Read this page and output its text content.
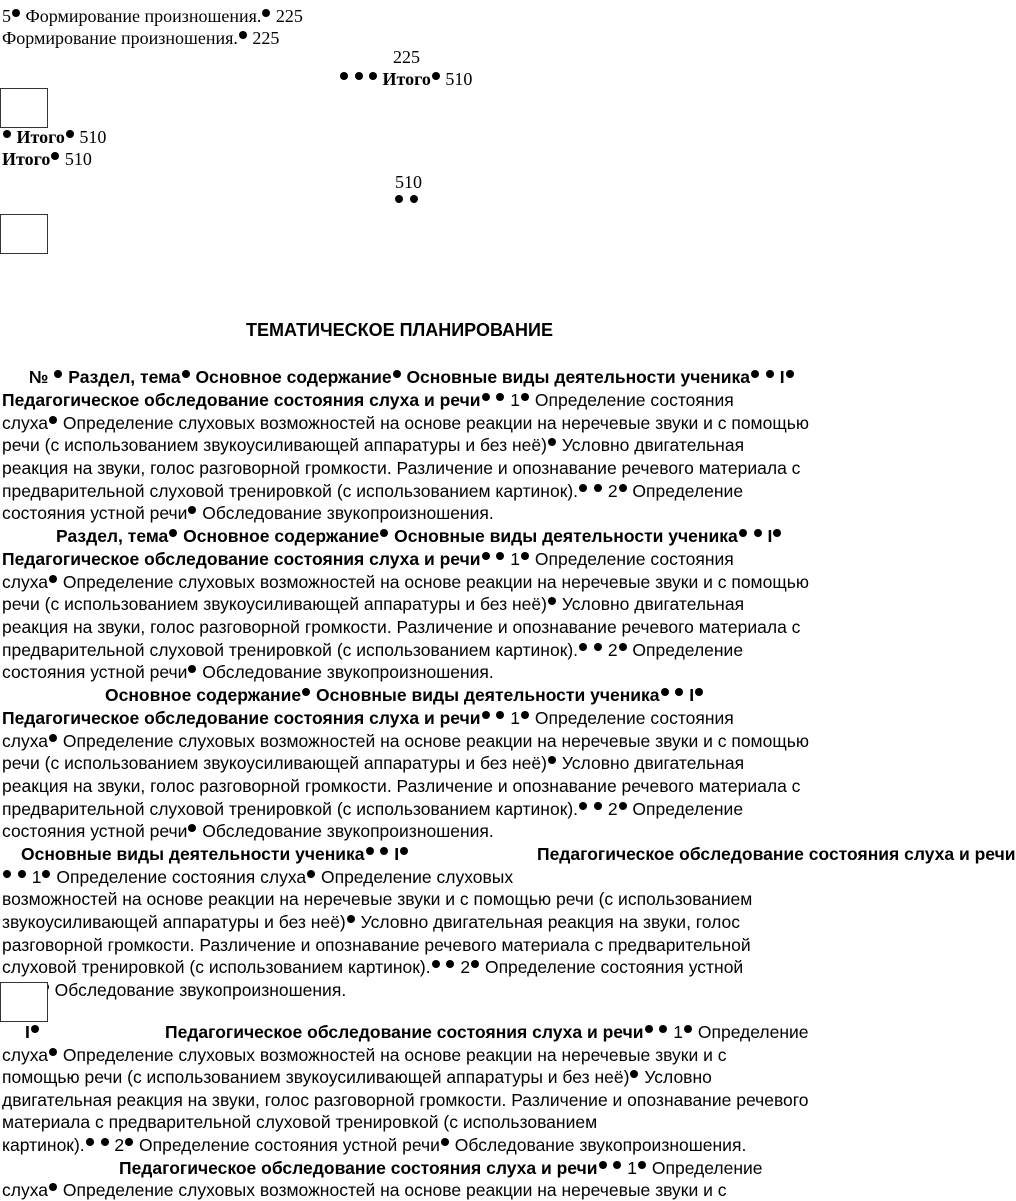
5 Формирование произношения. 225
Формирование произношения. 225
225
Итого 510
Итого 510
Итого 510
510

ТЕМАТИЧЕСКОЕ ПЛАНИРОВАНИЕ
№ Раздел, тема Основное содержание Основные виды деятельности ученика I
Педагогическое обследование состояния слуха и речи 1 Определение состояния
слуха Определение слуховых возможностей на основе реакции на неречевые звуки и с помощью
речи (с использованием звукоусиливающей аппаратуры и без неё) Условно двигательная
реакция на звуки, голос разговорной громкости. Различение и опознавание речевого материала с
предварительной слуховой тренировкой (с использованием картинок). 2 Определение
состояния устной речи Обследование звукопроизношения.
Раздел, тема Основное содержание Основные виды деятельности ученика I
Педагогическое обследование состояния слуха и речи 1 Определение состояния
слуха Определение слуховых возможностей на основе реакции на неречевые звуки и с помощью
речи (с использованием звукоусиливающей аппаратуры и без неё) Условно двигательная
реакция на звуки, голос разговорной громкости. Различение и опознавание речевого материала с
предварительной слуховой тренировкой (с использованием картинок). 2 Определение
состояния устной речи Обследование звукопроизношения.
Основное содержание Основные виды деятельности ученика I
Педагогическое обследование состояния слуха и речи 1 Определение состояния
слуха Определение слуховых возможностей на основе реакции на неречевые звуки и с помощью
речи (с использованием звукоусиливающей аппаратуры и без неё) Условно двигательная
реакция на звуки, голос разговорной громкости. Различение и опознавание речевого материала с
предварительной слуховой тренировкой (с использованием картинок). 2 Определение
состояния устной речи Обследование звукопроизношения.
Основные виды деятельности ученика I	Педагогическое обследование состояния слуха и речи
1 Определение состояния слуха Определение слуховых
возможностей на основе реакции на неречевые звуки и с помощью речи (с использованием
звукоусиливающей аппаратуры и без неё) Условно двигательная реакция на звуки, голос
разговорной громкости. Различение и опознавание речевого материала с предварительной
слуховой тренировкой (с использованием картинок). 2 Определение состояния устной
Обследование звукопроизношения.
I	Педагогическое обследование состояния слуха и речи 1 Определение
слуха Определение слуховых возможностей на основе реакции на неречевые звуки и с
помощью речи (с использованием звукоусиливающей аппаратуры и без неё) Условно
двигательная реакция на звуки, голос разговорной громкости. Различение и опознавание речевого
материала с предварительной слуховой тренировкой (с использованием
картинок). 2 Определение состояния устной речи Обследование звукопроизношения.
Педагогическое обследование состояния слуха и речи 1 Определение
слуха Определение слуховых возможностей на основе реакции на неречевые звуки и с
